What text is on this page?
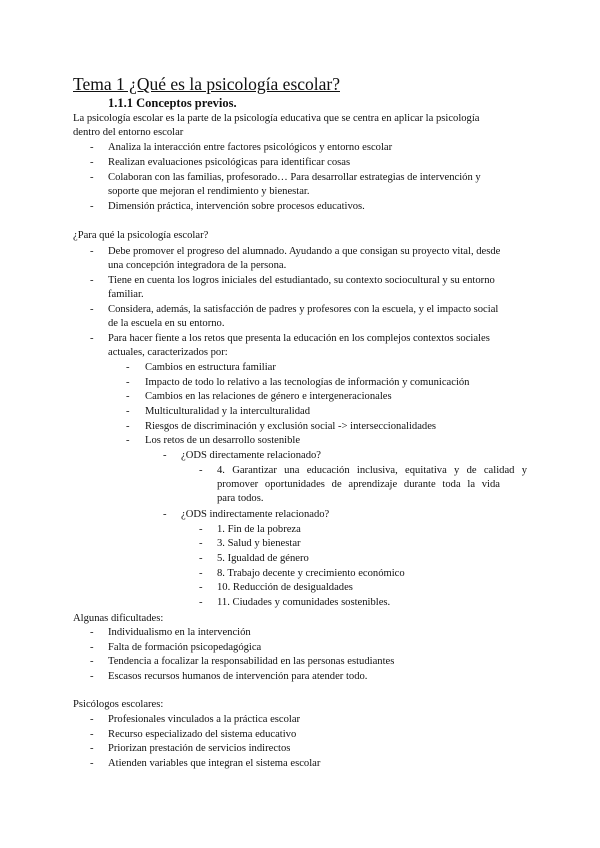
Tema 1 ¿Qué es la psicología escolar?
1.1.1 Conceptos previos.
La psicología escolar es la parte de la psicología educativa que se centra en aplicar la psicología
dentro del entorno escolar
- Analiza la interacción entre factores psicológicos y entorno escolar
- Realizan evaluaciones psicológicas para identificar cosas
- Colaboran con las familias, profesorado… Para desarrollar estrategias de intervención y
soporte que mejoran el rendimiento y bienestar.
- Dimensión práctica, intervención sobre procesos educativos.
¿Para qué la psicología escolar?
- Debe promover el progreso del alumnado. Ayudando a que consigan su proyecto vital, desde
una concepción integradora de la persona.
- Tiene en cuenta los logros iniciales del estudiantado, su contexto sociocultural y su entorno
familiar.
- Considera, además, la satisfacción de padres y profesores con la escuela, y el impacto social
de la escuela en su entorno.
- Para hacer fiente a los retos que presenta la educación en los complejos contextos sociales
actuales, caracterizados por:
- Cambios en estructura familiar
- Impacto de todo lo relativo a las tecnologías de información y comunicación
- Cambios en las relaciones de género e intergeneracionales
- Multiculturalidad y la interculturalidad
- Riesgos de discriminación y exclusión social -> interseccionalidades
- Los retos de un desarrollo sostenible
- ¿ODS directamente relacionado?
- 4. Garantizar una educación inclusiva, equitativa y de calidad y
promover oportunidades de aprendizaje durante toda la vida
para todos.
- ¿ODS indirectamente relacionado?
- 1. Fin de la pobreza
- 3. Salud y bienestar
- 5. Igualdad de género
- 8. Trabajo decente y crecimiento económico
- 10. Reducción de desigualdades
- 11. Ciudades y comunidades sostenibles.
Algunas dificultades:
- Individualismo en la intervención
- Falta de formación psicopedagógica
- Tendencia a focalizar la responsabilidad en las personas estudiantes
- Escasos recursos humanos de intervención para atender todo.
Psicólogos escolares:
- Profesionales vinculados a la práctica escolar
- Recurso especializado del sistema educativo
- Priorizan prestación de servicios indirectos
- Atienden variables que integran el sistema escolar
